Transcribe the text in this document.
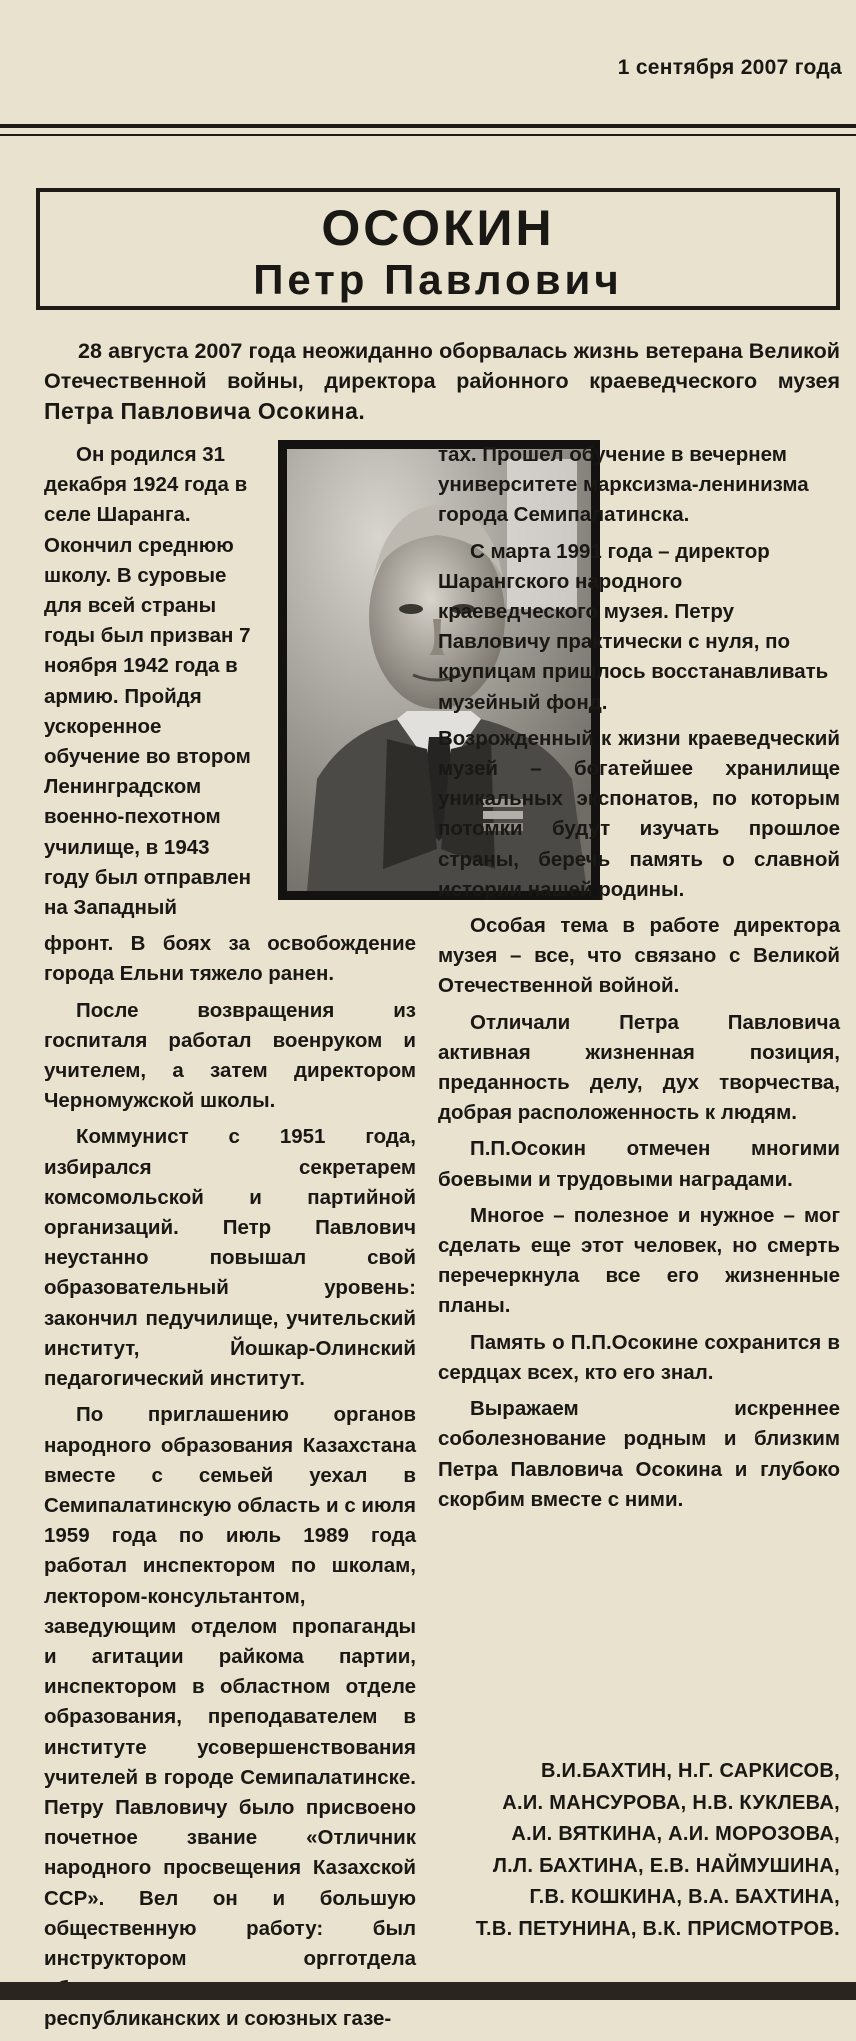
1 сентября 2007 года
ОСОКИН
Петр Павлович
28 августа 2007 года неожиданно оборвалась жизнь ветерана Великой Отечественной войны, директора районного краеведческого музея Петра Павловича Осокина.

Он родился 31 декабря 1924 года в селе Шаранга. Окончил среднюю школу. В суровые для всей страны годы был призван 7 ноября 1942 года в армию. Пройдя ускоренное обучение во втором Ленинградском военно-пехотном училище, в 1943 году был отправлен на Западный

фронт. В боях за освобождение города Ельни тяжело ранен.

После возвращения из госпиталя работал военруком и учителем, а затем директором Черномужской школы.

Коммунист с 1951 года, избирался секретарем комсомольской и партийной организаций. Петр Павлович неустанно повышал свой образовательный уровень: закончил педучилище, учительский институт, Йошкар-Олинский педагогический институт.

По приглашению органов народного образования Казахстана вместе с семьей уехал в Семипалатинскую область и с июля 1959 года по июль 1989 года работал инспектором по школам, лектором-консультантом, заведующим отделом пропаганды и агитации райкома партии, инспектором в областном отделе образования, преподавателем в институте усовершенствования учителей в городе Семипалатинске. Петру Павловичу было присвоено почетное звание «Отличник народного просвещения Казахской ССР». Вел он и большую общественную работу: был инструктором оргготдела республиканских и союзных газе-

тах. Прошел обучение в вечернем университете марксизма-ленинизма города Семипалатинска.

С марта 1991 года – директор Шарангского народного краеведческого музея. Петру Павловичу практически с нуля, по крупицам пришлось восстанавливать музейный фонд.

Возрожденный к жизни краеведческий музей – богатейшее хранилище уникальных экспонатов, по которым потомки будут изучать прошлое страны, беречь память о славной истории нашей родины.

Особая тема в работе директора музея – все, что связано с Великой Отечественной войной.

Отличали Петра Павловича активная жизненная позиция, преданность делу, дух творчества, добрая расположенность к людям.

П.П.Осокин отмечен многими боевыми и трудовыми наградами.

Многое – полезное и нужное – мог сделать еще этот человек, но смерть перечеркнула все его жизненные планы.

Память о П.П.Осокине сохранится в сердцах всех, кто его знал.

Выражаем искреннее соболезнование родным и близким Петра Павловича Осокина и глубоко скорбим вместе с ними.

В.И.БАХТИН, Н.Г. САРКИСОВ,
А.И. МАНСУРОВА, Н.В. КУКЛЕВА,
А.И. ВЯТКИНА, А.И. МОРОЗОВА,
Л.Л. БАХТИНА, Е.В. НАЙМУШИНА,
Г.В. КОШКИНА, В.А. БАХТИНА,
Т.В. ПЕТУНИНА, В.К. ПРИСМОТРОВ.
